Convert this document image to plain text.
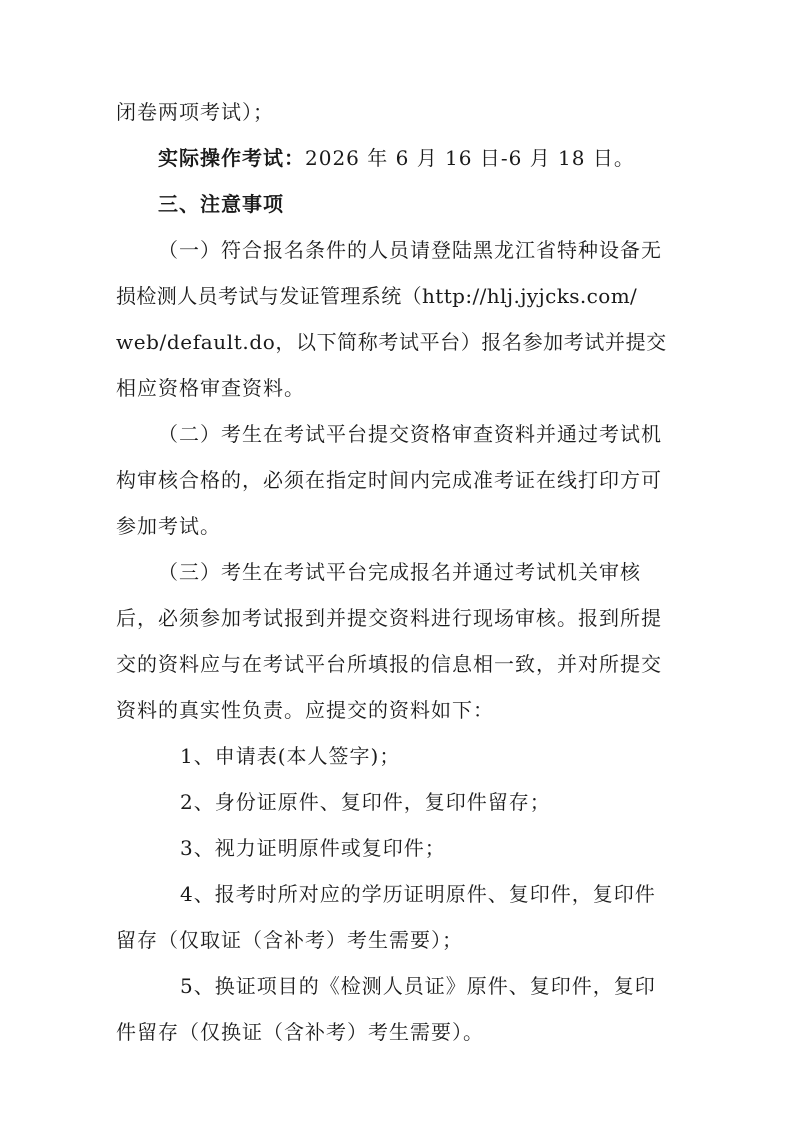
闭卷两项考试）；
实际操作考试：2026 年 6 月 16 日-6 月 18 日。
三、注意事项
（一）符合报名条件的人员请登陆黑龙江省特种设备无
损检测人员考试与发证管理系统（http://hlj.jyjcks.com/
web/default.do，以下简称考试平台）报名参加考试并提交
相应资格审查资料。
（二）考生在考试平台提交资格审查资料并通过考试机
构审核合格的，必须在指定时间内完成准考证在线打印方可
参加考试。
（三）考生在考试平台完成报名并通过考试机关审核
后，必须参加考试报到并提交资料进行现场审核。报到所提
交的资料应与在考试平台所填报的信息相一致，并对所提交
资料的真实性负责。应提交的资料如下：
1、申请表(本人签字)；
2、身份证原件、复印件，复印件留存；
3、视力证明原件或复印件；
4、报考时所对应的学历证明原件、复印件，复印件
留存（仅取证（含补考）考生需要）；
5、换证项目的《检测人员证》原件、复印件，复印
件留存（仅换证（含补考）考生需要）。
